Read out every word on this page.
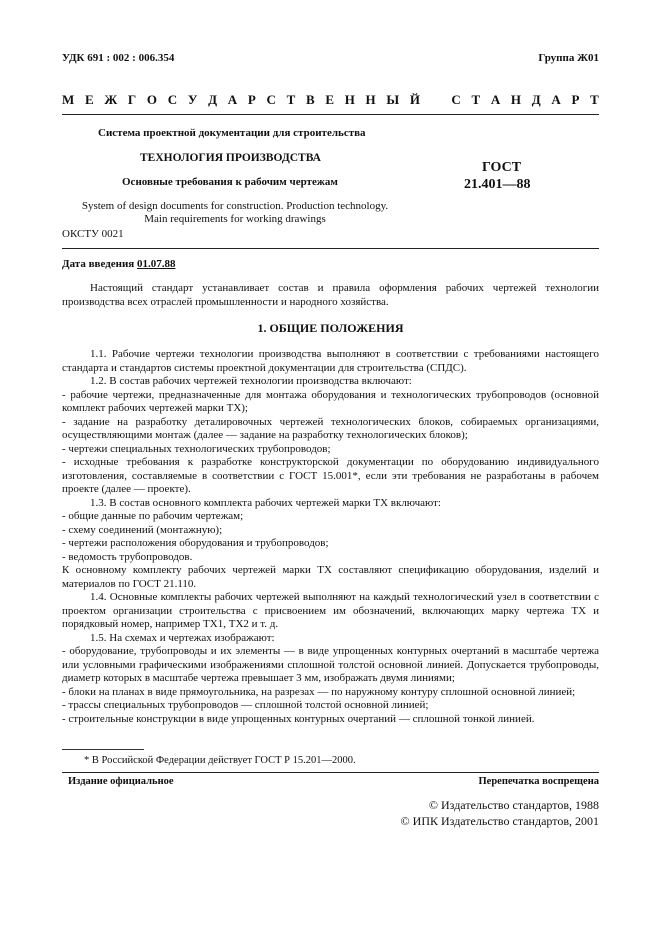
УДК 691 : 002 : 006.354	Группа Ж01
М Е Ж Г О С У Д А Р С Т В Е Н Н Ы Й С Т А Н Д А Р Т
Система проектной документации для строительства
ТЕХНОЛОГИЯ ПРОИЗВОДСТВА
Основные требования к рабочим чертежам
ГОСТ
21.401—88
System of design documents for construction. Production technology.
Main requirements for working drawings
ОКСТУ 0021
Дата введения 01.07.88
Настоящий стандарт устанавливает состав и правила оформления рабочих чертежей технологии производства всех отраслей промышленности и народного хозяйства.
1. ОБЩИЕ ПОЛОЖЕНИЯ

1.1. Рабочие чертежи технологии производства выполняют в соответствии с требованиями настоящего стандарта и стандартов системы проектной документации для строительства (СПДС).

1.2. В состав рабочих чертежей технологии производства включают:

- рабочие чертежи, предназначенные для монтажа оборудования и технологических трубопроводов (основной комплект рабочих чертежей марки ТХ);

- задание на разработку деталировочных чертежей технологических блоков, собираемых организациями, осуществляющими монтаж (далее — задание на разработку технологических блоков);

- чертежи специальных технологических трубопроводов;

- исходные требования к разработке конструкторской документации по оборудованию индивидуального изготовления, составляемые в соответствии с ГОСТ 15.001*, если эти требования не разработаны в рабочем проекте (далее — проекте).

1.3. В состав основного комплекта рабочих чертежей марки ТХ включают:

- общие данные по рабочим чертежам;

- схему соединений (монтажную);

- чертежи расположения оборудования и трубопроводов;

- ведомость трубопроводов.

К основному комплекту рабочих чертежей марки ТХ составляют спецификацию оборудования, изделий и материалов по ГОСТ 21.110.

1.4. Основные комплекты рабочих чертежей выполняют на каждый технологический узел в соответствии с проектом организации строительства с присвоением им обозначений, включающих марку чертежа ТХ и порядковый номер, например ТХ1, ТХ2 и т. д.

1.5. На схемах и чертежах изображают:

- оборудование, трубопроводы и их элементы — в виде упрощенных контурных очертаний в масштабе чертежа или условными графическими изображениями сплошной толстой основной линией. Допускается трубопроводы, диаметр которых в масштабе чертежа превышает 3 мм, изображать двумя линиями;

- блоки на планах в виде прямоугольника, на разрезах — по наружному контуру сплошной основной линией;

- трассы специальных трубопроводов — сплошной толстой основной линией;

- строительные конструкции в виде упрощенных контурных очертаний — сплошной тонкой линией.

* В Российской Федерации действует ГОСТ Р 15.201—2000.
Издание официальное	Перепечатка воспрещена
© Издательство стандартов, 1988
© ИПК Издательство стандартов, 2001
